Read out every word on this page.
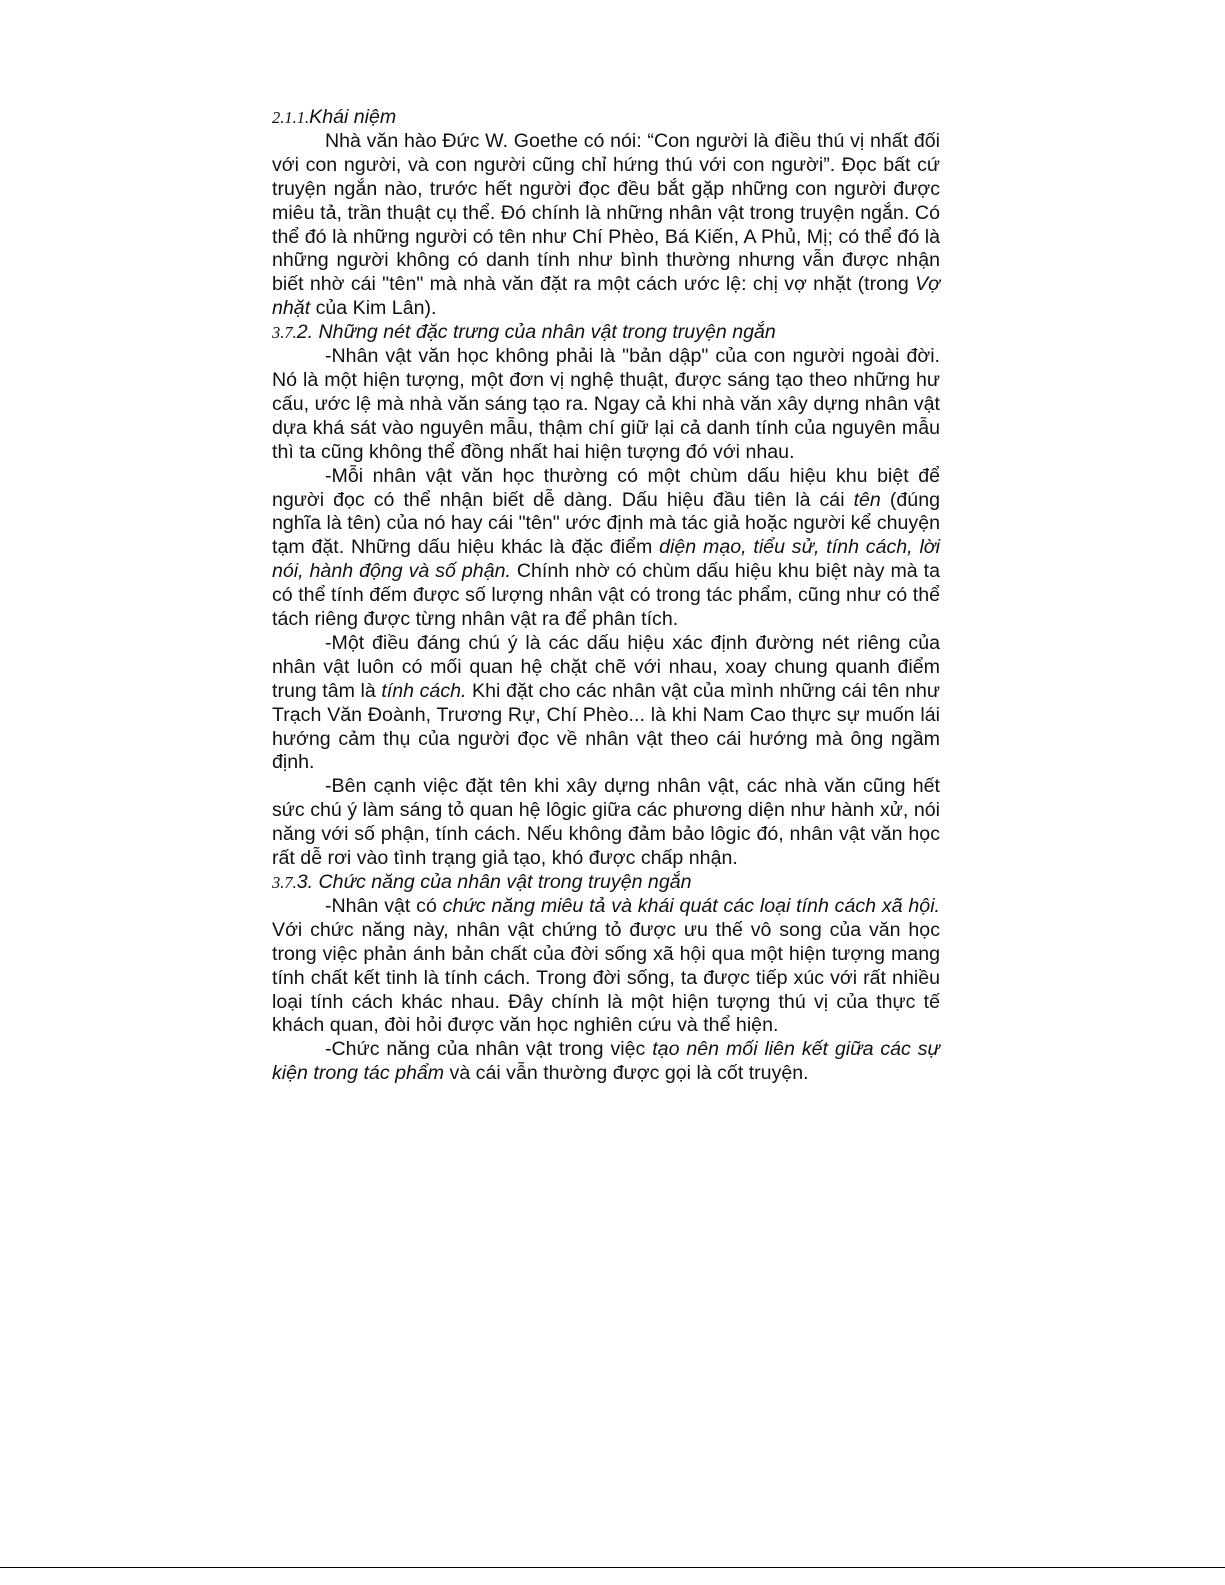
2.1.1.Khái niệm

Nhà văn hào Đức W. Goethe có nói: “Con người là điều thú vị nhất đối với con người, và con người cũng chỉ hứng thú với con người”. Đọc bất cứ truyện ngắn nào, trước hết người đọc đều bắt gặp những con người được miêu tả, trần thuật cụ thể. Đó chính là những nhân vật trong truyện ngắn. Có thể đó là những người có tên như Chí Phèo, Bá Kiến, A Phủ, Mị; có thể đó là những người không có danh tính như bình thường nhưng vẫn được nhận biết nhờ cái "tên" mà nhà văn đặt ra một cách ước lệ: chị vợ nhặt (trong Vợ nhặt của Kim Lân).

3.7.2. Những nét đặc trưng của nhân vật trong truyện ngắn

-Nhân vật văn học không phải là "bản dập" của con người ngoài đời. Nó là một hiện tượng, một đơn vị nghệ thuật, được sáng tạo theo những hư cấu, ước lệ mà nhà văn sáng tạo ra. Ngay cả khi nhà văn xây dựng nhân vật dựa khá sát vào nguyên mẫu, thậm chí giữ lại cả danh tính của nguyên mẫu thì ta cũng không thể đồng nhất hai hiện tượng đó với nhau.

-Mỗi nhân vật văn học thường có một chùm dấu hiệu khu biệt để người đọc có thể nhận biết dễ dàng. Dấu hiệu đầu tiên là cái tên (đúng nghĩa là tên) của nó hay cái "tên" ước định mà tác giả hoặc người kể chuyện tạm đặt. Những dấu hiệu khác là đặc điểm diện mạo, tiểu sử, tính cách, lời nói, hành động và số phận. Chính nhờ có chùm dấu hiệu khu biệt này mà ta có thể tính đếm được số lượng nhân vật có trong tác phẩm, cũng như có thể tách riêng được từng nhân vật ra để phân tích.

-Một điều đáng chú ý là các dấu hiệu xác định đường nét riêng của nhân vật luôn có mối quan hệ chặt chẽ với nhau, xoay chung quanh điểm trung tâm là tính cách. Khi đặt cho các nhân vật của mình những cái tên như Trạch Văn Đoành, Trương Rự, Chí Phèo... là khi Nam Cao thực sự muốn lái hướng cảm thụ của người đọc về nhân vật theo cái hướng mà ông ngầm định.

-Bên cạnh việc đặt tên khi xây dựng nhân vật, các nhà văn cũng hết sức chú ý làm sáng tỏ quan hệ lôgic giữa các phương diện như hành xử, nói năng với số phận, tính cách. Nếu không đảm bảo lôgic đó, nhân vật văn học rất dễ rơi vào tình trạng giả tạo, khó được chấp nhận.

3.7.3. Chức năng của nhân vật trong truyện ngắn

-Nhân vật có chức năng miêu tả và khái quát các loại tính cách xã hội. Với chức năng này, nhân vật chứng tỏ được ưu thế vô song của văn học trong việc phản ánh bản chất của đời sống xã hội qua một hiện tượng mang tính chất kết tinh là tính cách. Trong đời sống, ta được tiếp xúc với rất nhiều loại tính cách khác nhau. Đây chính là một hiện tượng thú vị của thực tế khách quan, đòi hỏi được văn học nghiên cứu và thể hiện.

-Chức năng của nhân vật trong việc tạo nên mối liên kết giữa các sự kiện trong tác phẩm và cái vẫn thường được gọi là cốt truyện.
